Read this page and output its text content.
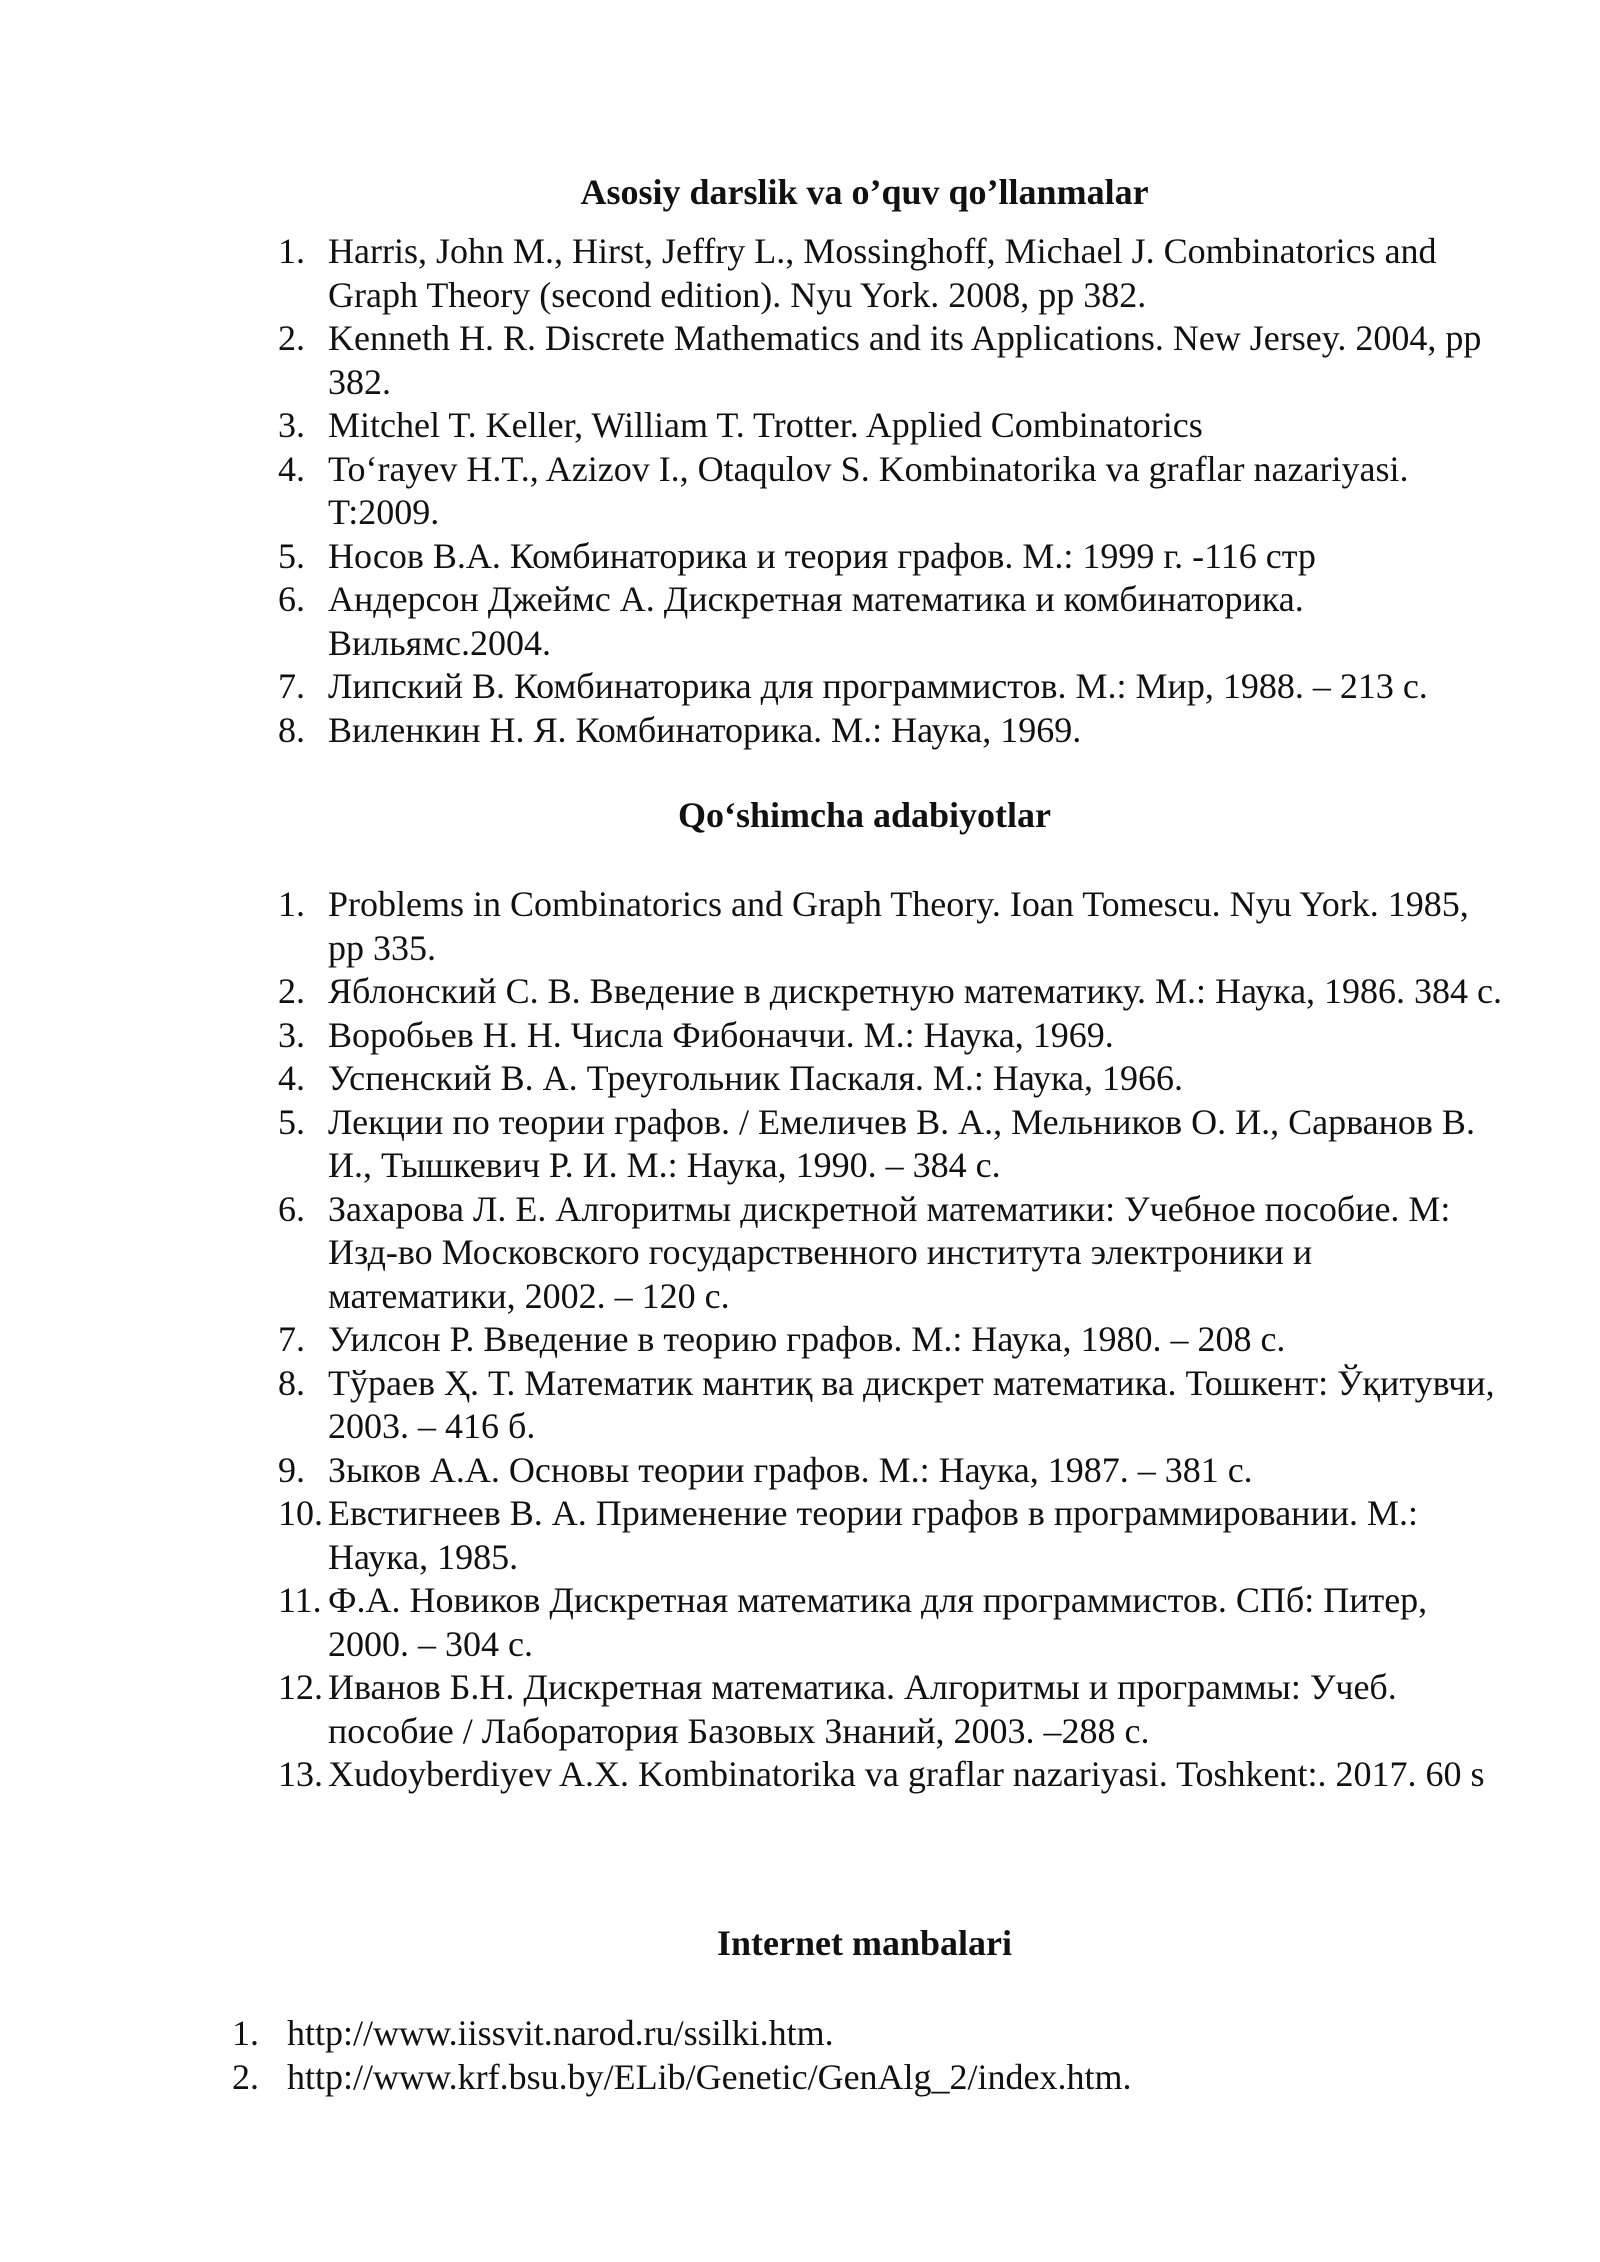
Asosiy darslik va o’quv qo’llanmalar
1. Harris, John M., Hirst, Jeffry L., Mossinghoff, Michael J. Combinatorics and Graph Theory (second edition). Nyu York. 2008, pp 382.
2. Kenneth H. R. Discrete Mathematics and its Applications. New Jersey. 2004, pp 382.
3. Mitchel T. Keller, William T. Trotter. Applied Combinatorics
4. To‘rayev H.T., Azizov I., Otaqulov S. Kombinatorika va graflar nazariyasi. T:2009.
5. Носов В.А. Комбинаторика и теория графов. М.: 1999 г. -116 стр
6. Андерсон Джеймс А. Дискретная математика и комбинаторика. Вильямс.2004.
7. Липский В. Комбинаторика для программистов. М.: Мир, 1988. – 213 с.
8. Виленкин Н. Я. Комбинаторика. М.: Наука, 1969.
Qo‘shimcha adabiyotlar
1. Problems in Combinatorics and Graph Theory. Ioan Tomescu. Nyu York. 1985, pp 335.
2. Яблонский С. В. Введение в дискретную математику. М.: Наука, 1986. 384 с.
3. Воробьев Н. Н. Числа Фибоначчи. М.: Наука, 1969.
4. Успенский В. А. Треугольник Паскаля. М.: Наука, 1966.
5. Лекции по теории графов. / Емеличев В. А., Мельников О. И., Сарванов В. И., Тышкевич Р. И. М.: Наука, 1990. – 384 с.
6. Захарова Л. Е. Алгоритмы дискретной математики: Учебное пособие. М: Изд-во Московского государственного института электроники и математики, 2002. – 120 с.
7. Уилсон Р. Введение в теорию графов. М.: Наука, 1980. – 208 с.
8. Тўраев Ҳ. Т. Математик мантиқ ва дискрет математика. Тошкент: Ўқитувчи, 2003. – 416 б.
9. Зыков А.А. Основы теории графов. М.: Наука, 1987. – 381 с.
10. Евстигнеев В. А. Применение теории графов в программировании. М.: Наука, 1985.
11. Ф.А. Новиков Дискретная математика для программистов. СПб: Питер, 2000. – 304 с.
12. Иванов Б.Н. Дискретная математика. Алгоритмы и программы: Учеб. пособие / Лаборатория Базовых Знаний, 2003. –288 с.
13. Xudoyberdiyev A.X. Kombinatorika va graflar nazariyasi. Toshkent:. 2017. 60 s
Internet manbalari
1. http://www.iissvit.narod.ru/ssilki.htm.
2. http://www.krf.bsu.by/ELib/Genetic/GenAlg_2/index.htm.
